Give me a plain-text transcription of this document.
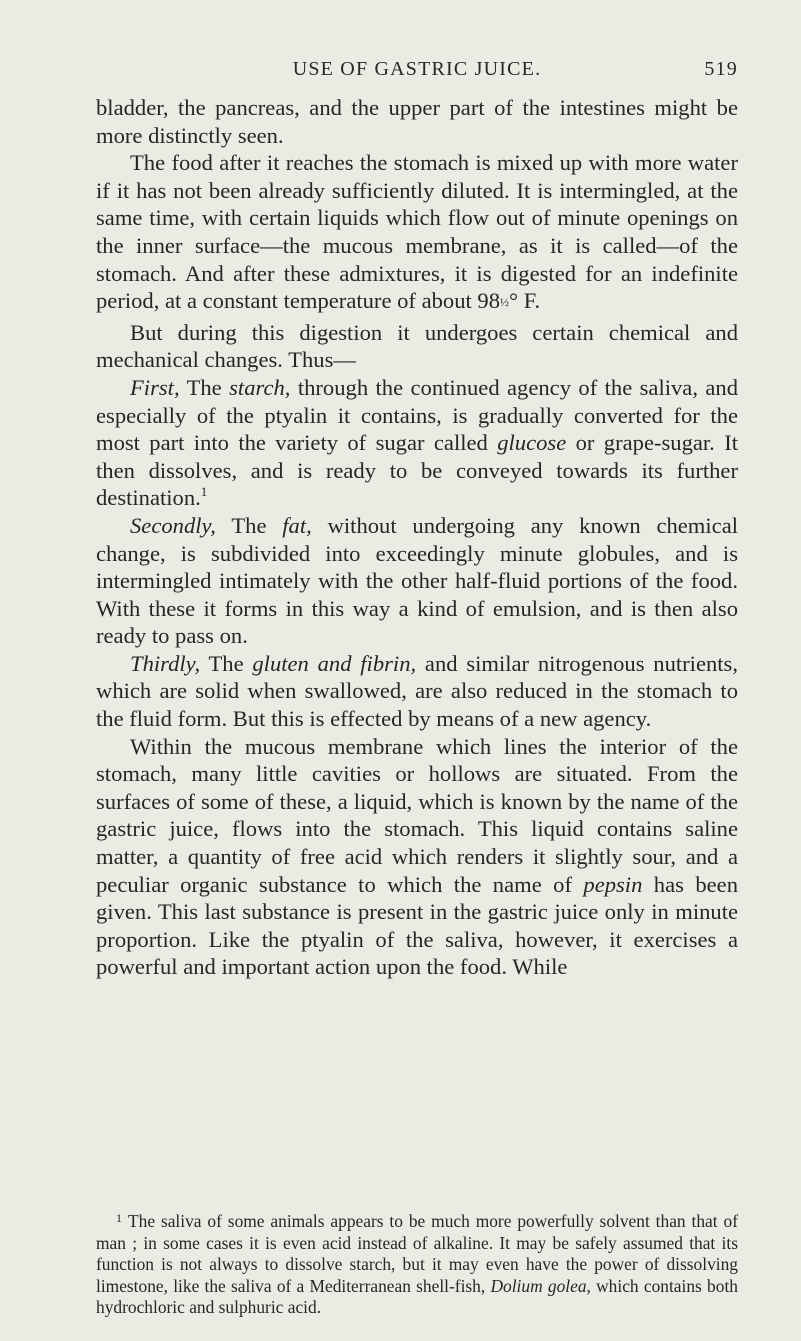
USE OF GASTRIC JUICE.	519

bladder, the pancreas, and the upper part of the intestines might be more distinctly seen.

The food after it reaches the stomach is mixed up with more water if it has not been already sufficiently diluted. It is intermingled, at the same time, with certain liquids which flow out of minute openings on the inner surface—the mucous membrane, as it is called—of the stomach. And after these admixtures, it is digested for an indefinite period, at a constant temperature of about 98½° F.

But during this digestion it undergoes certain chemical and mechanical changes. Thus—

First, The starch, through the continued agency of the saliva, and especially of the ptyalin it contains, is gradually converted for the most part into the variety of sugar called glucose or grape-sugar. It then dissolves, and is ready to be conveyed towards its further destination.$^1$

Secondly, The fat, without undergoing any known chemical change, is subdivided into exceedingly minute globules, and is intermingled intimately with the other half-fluid portions of the food. With these it forms in this way a kind of emulsion, and is then also ready to pass on.

Thirdly, The gluten and fibrin, and similar nitrogenous nutrients, which are solid when swallowed, are also reduced in the stomach to the fluid form. But this is effected by means of a new agency.

Within the mucous membrane which lines the interior of the stomach, many little cavities or hollows are situated. From the surfaces of some of these, a liquid, which is known by the name of the gastric juice, flows into the stomach. This liquid contains saline matter, a quantity of free acid which renders it slightly sour, and a peculiar organic substance to which the name of pepsin has been given. This last substance is present in the gastric juice only in minute proportion. Like the ptyalin of the saliva, however, it exercises a powerful and important action upon the food. While

$^1$ The saliva of some animals appears to be much more powerfully solvent than that of man ; in some cases it is even acid instead of alkaline. It may be safely assumed that its function is not always to dissolve starch, but it may even have the power of dissolving limestone, like the saliva of a Mediterranean shell-fish, Dolium golea, which contains both hydrochloric and sulphuric acid.
